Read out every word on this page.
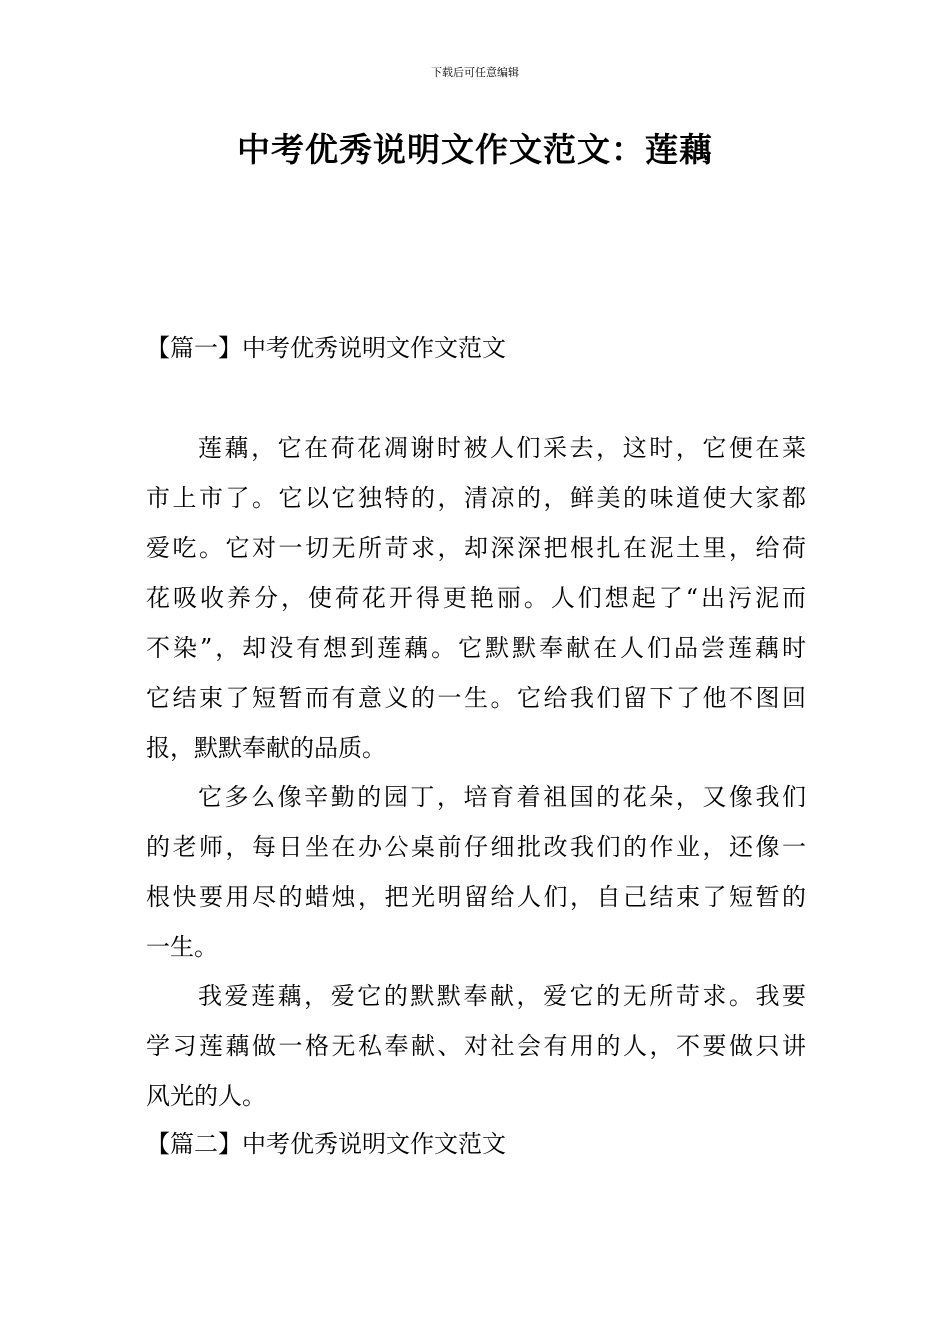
下载后可任意编辑
中考优秀说明文作文范文：莲藕
【篇一】中考优秀说明文作文范文
莲藕，它在荷花凋谢时被人们采去，这时，它便在菜
市上市了。它以它独特的，清凉的，鲜美的味道使大家都
爱吃。它对一切无所苛求，却深深把根扎在泥土里，给荷
花吸收养分，使荷花开得更艳丽。人们想起了“出污泥而
不染”，却没有想到莲藕。它默默奉献在人们品尝莲藕时
它结束了短暂而有意义的一生。它给我们留下了他不图回
报，默默奉献的品质。
它多么像辛勤的园丁，培育着祖国的花朵，又像我们
的老师，每日坐在办公桌前仔细批改我们的作业，还像一
根快要用尽的蜡烛，把光明留给人们，自己结束了短暂的
一生。
我爱莲藕，爱它的默默奉献，爱它的无所苛求。我要
学习莲藕做一格无私奉献、对社会有用的人，不要做只讲
风光的人。
【篇二】中考优秀说明文作文范文
